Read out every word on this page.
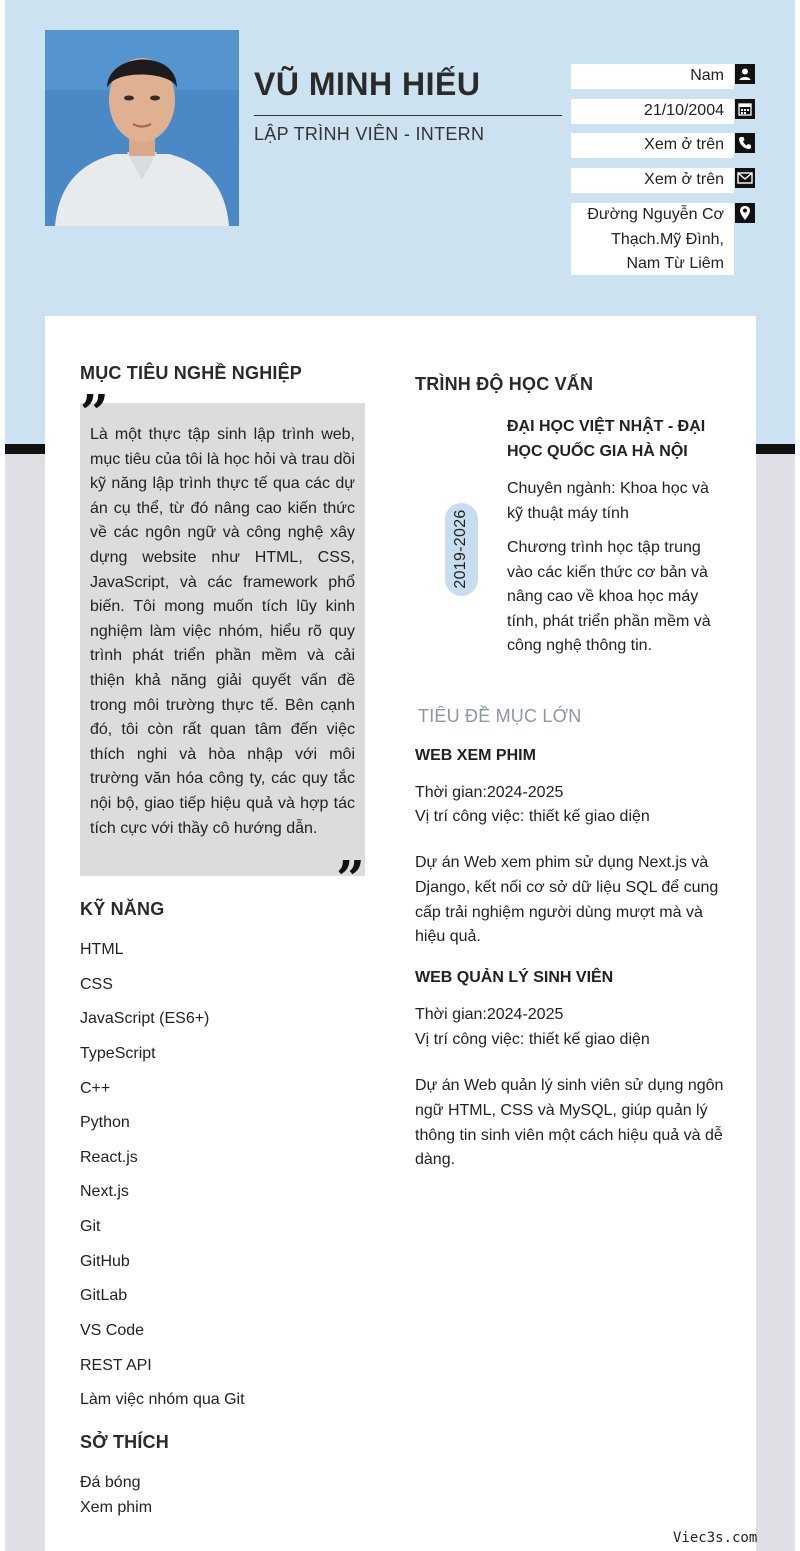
VŨ MINH HIẾU
LẬP TRÌNH VIÊN - INTERN
Nam
21/10/2004
Xem ở trên
Xem ở trên
Đường Nguyễn Cơ
Thạch.Mỹ Đình,
Nam Từ Liêm
MỤC TIÊU NGHỀ NGHIỆP

Là một thực tập sinh lập trình web, mục tiêu của tôi là học hỏi và trau dồi kỹ năng lập trình thực tế qua các dự án cụ thể, từ đó nâng cao kiến thức về các ngôn ngữ và công nghệ xây dựng website như HTML, CSS, JavaScript, và các framework phổ biến. Tôi mong muốn tích lũy kinh nghiệm làm việc nhóm, hiểu rõ quy trình phát triển phần mềm và cải thiện khả năng giải quyết vấn đề trong môi trường thực tế. Bên cạnh đó, tôi còn rất quan tâm đến việc thích nghi và hòa nhập với môi trường văn hóa công ty, các quy tắc nội bộ, giao tiếp hiệu quả và hợp tác tích cực với thầy cô hướng dẫn.

”
”
KỸ NĂNG
HTML
CSS
JavaScript (ES6+)
TypeScript
C++
Python
React.js
Next.js
Git
GitHub
GitLab
VS Code
REST API
Làm việc nhóm qua Git
SỞ THÍCH
Đá bóng
Xem phim
TRÌNH ĐỘ HỌC VẤN
2019-2026
ĐẠI HỌC VIỆT NHẬT - ĐẠI HỌC QUỐC GIA HÀ NỘI
Chuyên ngành: Khoa học và kỹ thuật máy tính
Chương trình học tập trung vào các kiến thức cơ bản và nâng cao về khoa học máy tính, phát triển phần mềm và công nghệ thông tin.
TIÊU ĐỀ MỤC LỚN
WEB XEM PHIM
Thời gian:2024-2025
Vị trí công việc: thiết kế giao diện
Dự án Web xem phim sử dụng Next.js và Django, kết nối cơ sở dữ liệu SQL để cung cấp trải nghiệm người dùng mượt mà và hiệu quả.
WEB QUẢN LÝ SINH VIÊN
Thời gian:2024-2025
Vị trí công việc: thiết kế giao diện
Dự án Web quản lý sinh viên sử dụng ngôn ngữ HTML, CSS và MySQL, giúp quản lý thông tin sinh viên một cách hiệu quả và dễ dàng.
Viec3s.com
